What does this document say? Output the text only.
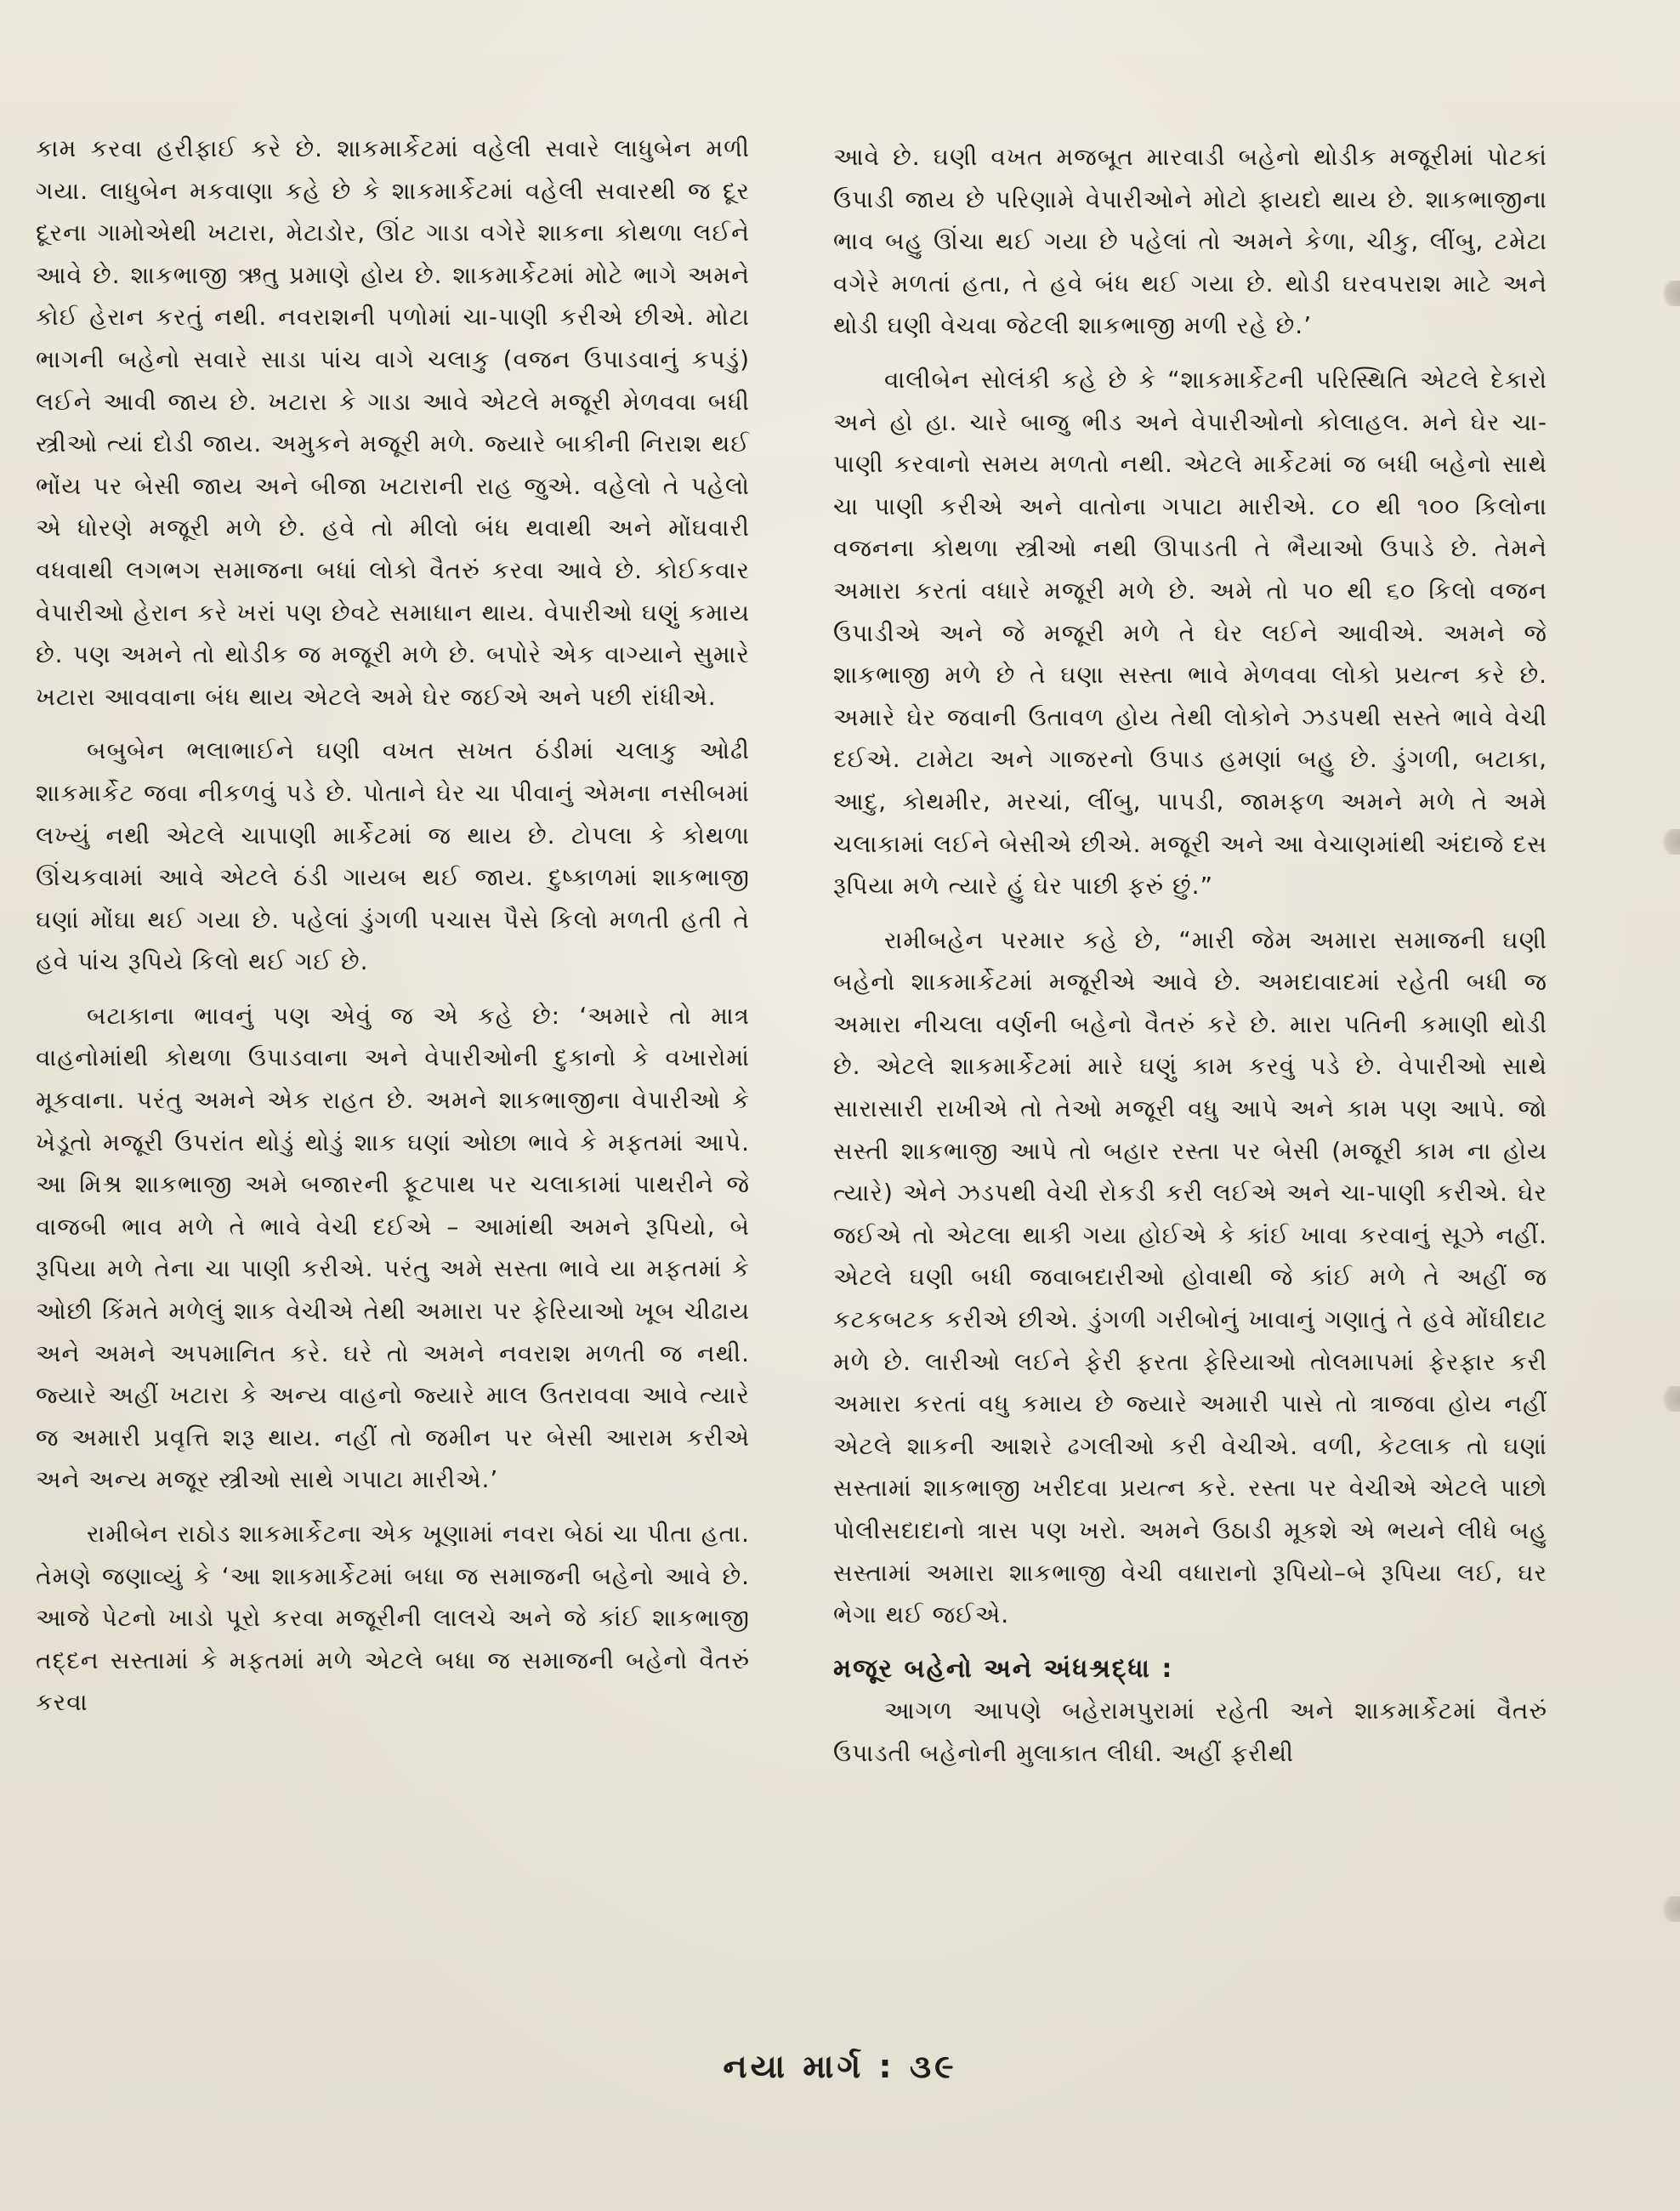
કામ કરવા હરીફાઈ કરે છે. શાકમાર્કેટમાં વહેલી સવારે લાધુબેન મળી ગયા. લાધુબેન મકવાણા કહે છે કે શાકમાર્કેટમાં વહેલી સવારથી જ દૂર દૂરના ગામોએથી ખટારા, મેટાડોર, ઊંટ ગાડા વગેરે શાકના કોથળા લઈને આવે છે. શાકભાજી ઋતુ પ્રમાણે હોય છે. શાકમાર્કેટમાં મોટે ભાગે અમને કોઈ હેરાન કરતું નથી. નવરાશની પળોમાં ચા-પાણી કરીએ છીએ. મોટા ભાગની બહેનો સવારે સાડા પાંચ વાગે ચલાકુ (વજન ઉપાડવાનું કપડું) લઈને આવી જાય છે. ખટારા કે ગાડા આવે એટલે મજૂરી મેળવવા બધી સ્ત્રીઓ ત્યાં દોડી જાય. અમુકને મજૂરી મળે. જ્યારે બાકીની નિરાશ થઈ ભોંય પર બેસી જાય અને બીજા ખટારાની રાહ જુએ. વહેલો તે પહેલો એ ધોરણે મજૂરી મળે છે. હવે તો મીલો બંધ થવાથી અને મોંઘવારી વધવાથી લગભગ સમાજના બધાં લોકો વૈતરું કરવા આવે છે. કોઈકવાર વેપારીઓ હેરાન કરે ખરાં પણ છેવટે સમાધાન થાય. વેપારીઓ ઘણું કમાય છે. પણ અમને તો થોડીક જ મજૂરી મળે છે. બપોરે એક વાગ્યાને સુમારે ખટારા આવવાના બંધ થાય એટલે અમે ઘેર જઈએ અને પછી રાંધીએ.

બબુબેન ભલાભાઈને ઘણી વખત સખત ઠંડીમાં ચલાકુ ઓઢી શાકમાર્કેટ જવા નીકળવું પડે છે. પોતાને ઘેર ચા પીવાનું એમના નસીબમાં લખ્યું નથી એટલે ચાપાણી માર્કેટમાં જ થાય છે. ટોપલા કે કોથળા ઊંચકવામાં આવે એટલે ઠંડી ગાયબ થઈ જાય. દુષ્કાળમાં શાકભાજી ઘણાં મોંઘા થઈ ગયા છે. પહેલાં ડુંગળી પચાસ પૈસે કિલો મળતી હતી તે હવે પાંચ રૂપિયે કિલો થઈ ગઈ છે.

બટાકાના ભાવનું પણ એવું જ એ કહે છે: ‘અમારે તો માત્ર વાહનોમાંથી કોથળા ઉપાડવાના અને વેપારીઓની દુકાનો કે વખારોમાં મૂકવાના. પરંતુ અમને એક રાહત છે. અમને શાકભાજીના વેપારીઓ કે ખેડૂતો મજૂરી ઉપરાંત થોડું થોડું શાક ઘણાં ઓછા ભાવે કે મફતમાં આપે. આ મિશ્ર શાકભાજી અમે બજારની ફૂટપાથ પર ચલાકામાં પાથરીને જે વાજબી ભાવ મળે તે ભાવે વેચી દઈએ – આમાંથી અમને રૂપિયો, બે રૂપિયા મળે તેના ચા પાણી કરીએ. પરંતુ અમે સસ્તા ભાવે યા મફતમાં કે ઓછી કિંમતે મળેલું શાક વેચીએ તેથી અમારા પર ફેરિયાઓ ખૂબ ચીઢાય અને અમને અપમાનિત કરે. ઘરે તો અમને નવરાશ મળતી જ નથી. જ્યારે અહીં ખટારા કે અન્ય વાહનો જ્યારે માલ ઉતરાવવા આવે ત્યારે જ અમારી પ્રવૃત્તિ શરૂ થાય. નહીં તો જમીન પર બેસી આરામ કરીએ અને અન્ય મજૂર સ્ત્રીઓ સાથે ગપાટા મારીએ.’

રામીબેન રાઠોડ શાકમાર્કેટના એક ખૂણામાં નવરા બેઠાં ચા પીતા હતા. તેમણે જણાવ્યું કે ‘આ શાકમાર્કેટમાં બધા જ સમાજની બહેનો આવે છે. આજે પેટનો ખાડો પૂરો કરવા મજૂરીની લાલચે અને જે કાંઈ શાકભાજી તદ્દન સસ્તામાં કે મફતમાં મળે એટલે બધા જ સમાજની બહેનો વૈતરું કરવા

આવે છે. ઘણી વખત મજબૂત મારવાડી બહેનો થોડીક મજૂરીમાં પોટકાં ઉપાડી જાય છે પરિણામે વેપારીઓને મોટો ફાયદો થાય છે. શાકભાજીના ભાવ બહુ ઊંચા થઈ ગયા છે પહેલાં તો અમને કેળા, ચીકુ, લીંબુ, ટમેટા વગેરે મળતાં હતા, તે હવે બંધ થઈ ગયા છે. થોડી ઘરવપરાશ માટે અને થોડી ઘણી વેચવા જેટલી શાકભાજી મળી રહે છે.’

વાલીબેન સોલંકી કહે છે કે “શાકમાર્કેટની પરિસ્થિતિ એટલે દેકારો અને હો હા. ચારે બાજુ ભીડ અને વેપારીઓનો કોલાહલ. મને ઘેર ચા-પાણી કરવાનો સમય મળતો નથી. એટલે માર્કેટમાં જ બધી બહેનો સાથે ચા પાણી કરીએ અને વાતોના ગપાટા મારીએ. ૮૦ થી ૧૦૦ કિલોના વજનના કોથળા સ્ત્રીઓ નથી ઊપાડતી તે ભૈયાઓ ઉપાડે છે. તેમને અમારા કરતાં વધારે મજૂરી મળે છે. અમે તો ૫૦ થી ૬૦ કિલો વજન ઉપાડીએ અને જે મજૂરી મળે તે ઘેર લઈને આવીએ. અમને જે શાકભાજી મળે છે તે ઘણા સસ્તા ભાવે મેળવવા લોકો પ્રયત્ન કરે છે. અમારે ઘેર જવાની ઉતાવળ હોય તેથી લોકોને ઝડપથી સસ્તે ભાવે વેચી દઈએ. ટામેટા અને ગાજરનો ઉપાડ હમણાં બહુ છે. ડુંગળી, બટાકા, આદુ, કોથમીર, મરચાં, લીંબુ, પાપડી, જામફળ અમને મળે તે અમે ચલાકામાં લઈને બેસીએ છીએ. મજૂરી અને આ વેચાણમાંથી અંદાજે દસ રૂપિયા મળે ત્યારે હું ઘેર પાછી ફરું છું.”

રામીબહેન પરમાર કહે છે, “મારી જેમ અમારા સમાજની ઘણી બહેનો શાકમાર્કેટમાં મજૂરીએ આવે છે. અમદાવાદમાં રહેતી બધી જ અમારા નીચલા વર્ણની બહેનો વૈતરું કરે છે. મારા પતિની કમાણી થોડી છે. એટલે શાકમાર્કેટમાં મારે ઘણું કામ કરવું પડે છે. વેપારીઓ સાથે સારાસારી રાખીએ તો તેઓ મજૂરી વધુ આપે અને કામ પણ આપે. જો સસ્તી શાકભાજી આપે તો બહાર રસ્તા પર બેસી (મજૂરી કામ ના હોય ત્યારે) એને ઝડપથી વેચી રોકડી કરી લઈએ અને ચા-પાણી કરીએ. ઘેર જઈએ તો એટલા થાકી ગયા હોઈએ કે કાંઈ ખાવા કરવાનું સૂઝે નહીં. એટલે ઘણી બધી જવાબદારીઓ હોવાથી જે કાંઈ મળે તે અહીં જ કટકબટક કરીએ છીએ. ડુંગળી ગરીબોનું ખાવાનું ગણાતું તે હવે મોંઘીદાટ મળે છે. લારીઓ લઈને ફેરી ફરતા ફેરિયાઓ તોલમાપમાં ફેરફાર કરી અમારા કરતાં વધુ કમાય છે જ્યારે અમારી પાસે તો ત્રાજવા હોય નહીં એટલે શાકની આશરે ઢગલીઓ કરી વેચીએ. વળી, કેટલાક તો ઘણાં સસ્તામાં શાકભાજી ખરીદવા પ્રયત્ન કરે. રસ્તા પર વેચીએ એટલે પાછો પોલીસદાદાનો ત્રાસ પણ ખરો. અમને ઉઠાડી મૂકશે એ ભયને લીધે બહુ સસ્તામાં અમારા શાકભાજી વેચી વધારાનો રૂપિયો–બે રૂપિયા લઈ, ઘર ભેગા થઈ જઈએ.

મજૂર બહેનો અને અંધશ્રદ્ધા :

આગળ આપણે બહેરામપુરામાં રહેતી અને શાકમાર્કેટમાં વૈતરું ઉપાડતી બહેનોની મુલાકાત લીધી. અહીં ફરીથી

નયા માર્ગ : ૩૯
